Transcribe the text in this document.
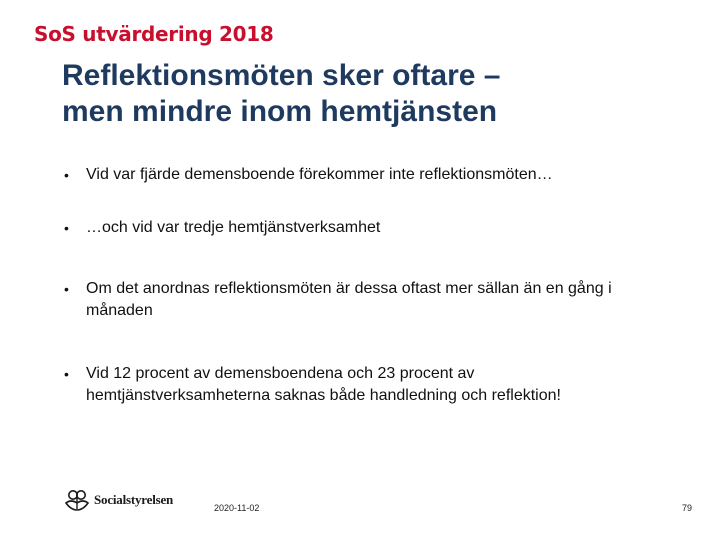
SoS utvärdering 2018
Reflektionsmöten sker oftare –
men mindre inom hemtjänsten
•	Vid var fjärde demensboende förekommer inte reflektionsmöten…
•	…och vid var tredje hemtjänstverksamhet
•	Om det anordnas reflektionsmöten är dessa oftast mer sällan än en gång i månaden
•	Vid 12 procent av demensboendena och 23 procent av hemtjänstverksamheterna saknas både handledning och reflektion!
Socialstyrelsen
2020-11-02	79
